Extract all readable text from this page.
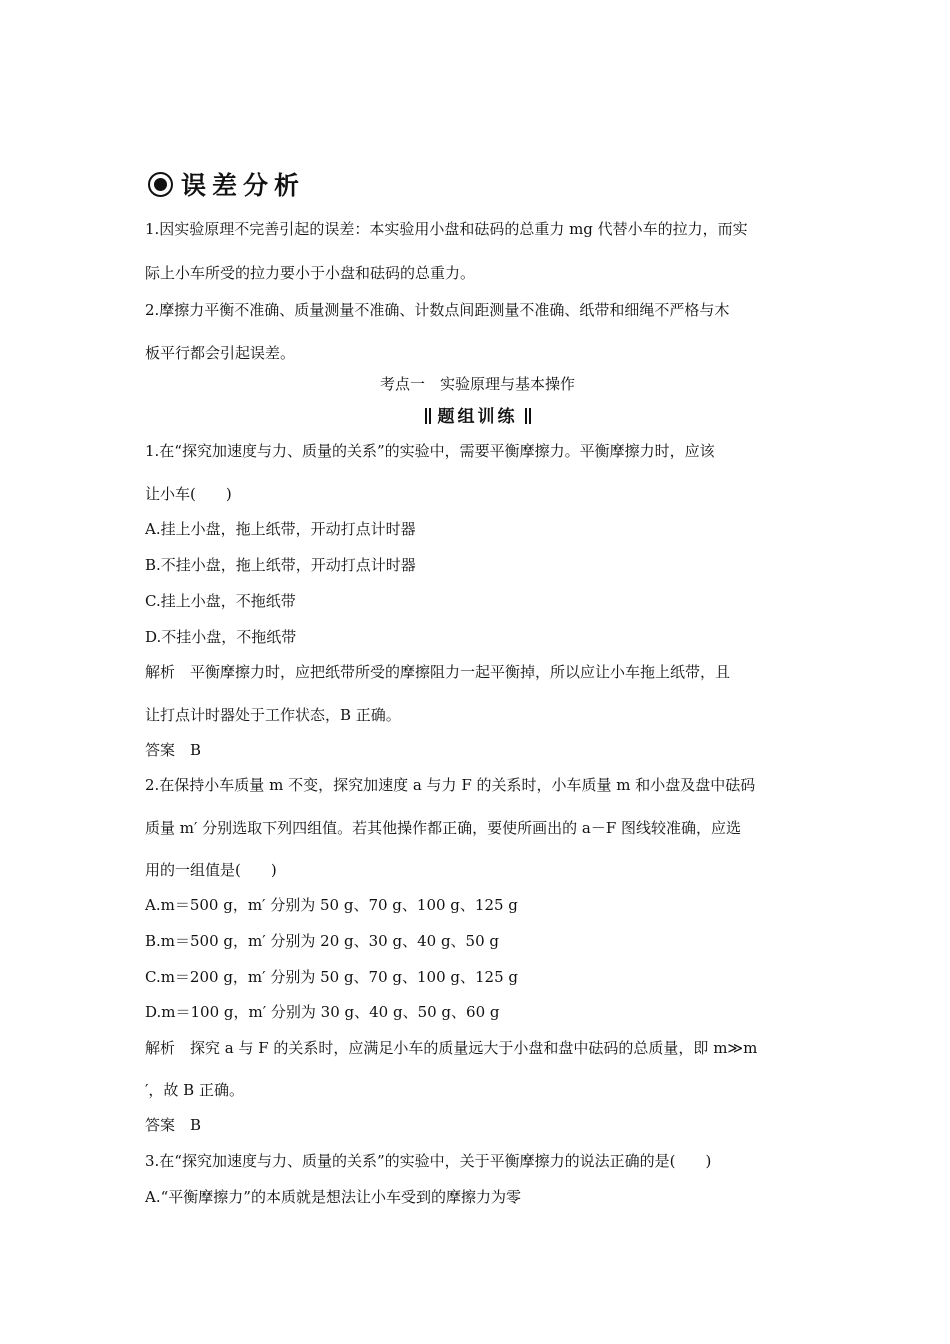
误差分析
1.因实验原理不完善引起的误差：本实验用小盘和砝码的总重力 mg 代替小车的拉力，而实
际上小车所受的拉力要小于小盘和砝码的总重力。
2.摩擦力平衡不准确、质量测量不准确、计数点间距测量不准确、纸带和细绳不严格与木
板平行都会引起误差。
考点一　实验原理与基本操作
题组训练
1.在“探究加速度与力、质量的关系”的实验中，需要平衡摩擦力。平衡摩擦力时，应该
让小车(　　)
A.挂上小盘，拖上纸带，开动打点计时器
B.不挂小盘，拖上纸带，开动打点计时器
C.挂上小盘，不拖纸带
D.不挂小盘，不拖纸带
解析　平衡摩擦力时，应把纸带所受的摩擦阻力一起平衡掉，所以应让小车拖上纸带，且
让打点计时器处于工作状态，B 正确。
答案　B
2.在保持小车质量 m 不变，探究加速度 a 与力 F 的关系时，小车质量 m 和小盘及盘中砝码
质量 m′ 分别选取下列四组值。若其他操作都正确，要使所画出的 a－F 图线较准确，应选
用的一组值是(　　)
A.m＝500 g，m′ 分别为 50 g、70 g、100 g、125 g
B.m＝500 g，m′ 分别为 20 g、30 g、40 g、50 g
C.m＝200 g，m′ 分别为 50 g、70 g、100 g、125 g
D.m＝100 g，m′ 分别为 30 g、40 g、50 g、60 g
解析　探究 a 与 F 的关系时，应满足小车的质量远大于小盘和盘中砝码的总质量，即 m≫m
′，故 B 正确。
答案　B
3.在“探究加速度与力、质量的关系”的实验中，关于平衡摩擦力的说法正确的是(　　)
A.“平衡摩擦力”的本质就是想法让小车受到的摩擦力为零
